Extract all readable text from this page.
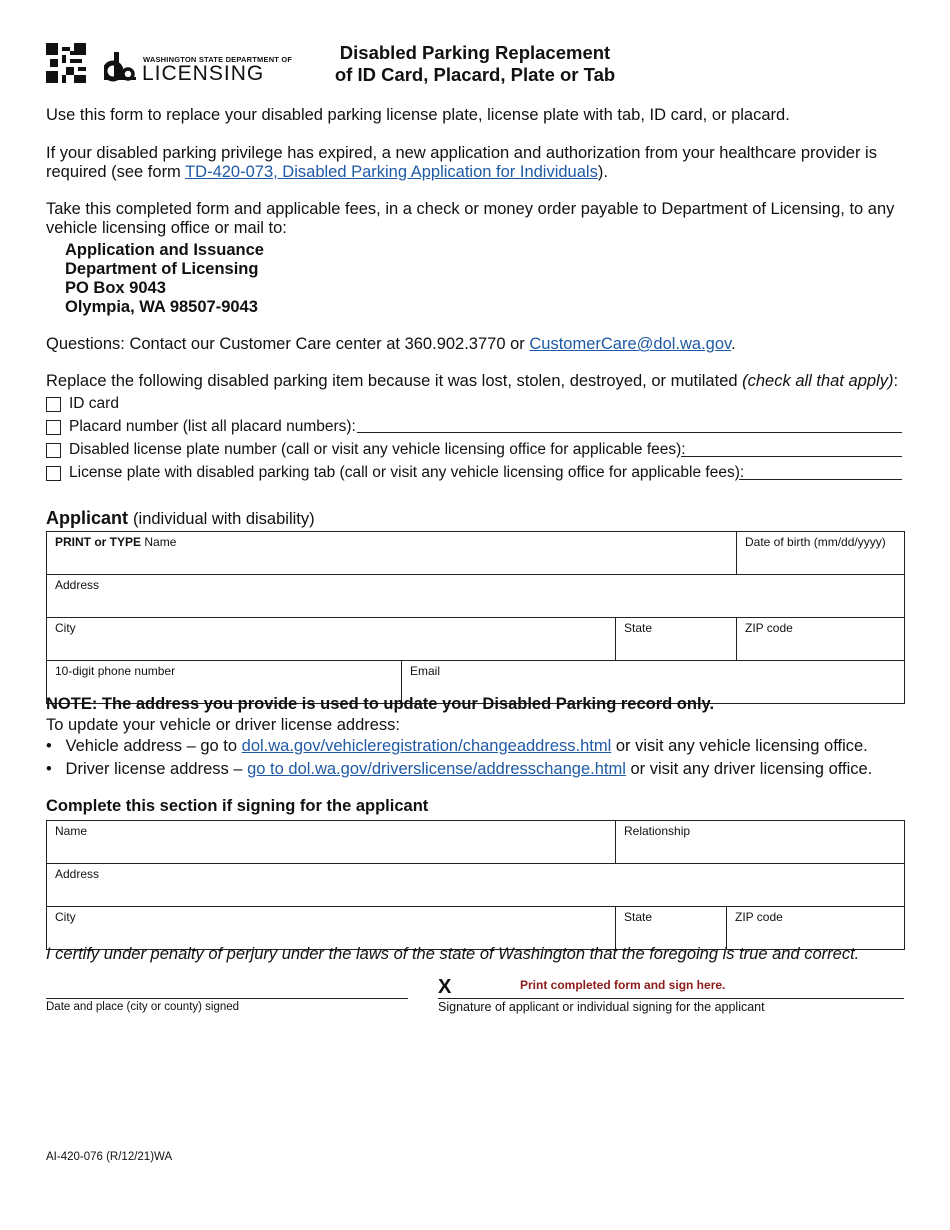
WASHINGTON STATE DEPARTMENT OF
LICENSING
Disabled Parking Replacement
of ID Card, Placard, Plate or Tab
Use this form to replace your disabled parking license plate, license plate with tab, ID card, or placard.
If your disabled parking privilege has expired, a new application and authorization from your healthcare provider is required (see form TD-420-073, Disabled Parking Application for Individuals).
Take this completed form and applicable fees, in a check or money order payable to Department of Licensing, to any vehicle licensing office or mail to:
Application and Issuance
Department of Licensing
PO Box 9043
Olympia, WA 98507-9043
Questions: Contact our Customer Care center at 360.902.3770 or CustomerCare@dol.wa.gov.
Replace the following disabled parking item because it was lost, stolen, destroyed, or mutilated (check all that apply):
ID card
Placard number (list all placard numbers):
Disabled license plate number (call or visit any vehicle licensing office for applicable fees):
License plate with disabled parking tab (call or visit any vehicle licensing office for applicable fees):
Applicant (individual with disability)
PRINT or TYPE Name			Date of birth (mm/dd/yyyy)
Address			
City		State	ZIP code
10-digit phone number	Email		
NOTE: The address you provide is used to update your Disabled Parking record only.
To update your vehicle or driver license address:
•   Vehicle address – go to dol.wa.gov/vehicleregistration/changeaddress.html or visit any vehicle licensing office.
•   Driver license address – go to dol.wa.gov/driverslicense/addresschange.html or visit any driver licensing office.
Complete this section if signing for the applicant
Name	Relationship	
Address		
City	State	ZIP code
I certify under penalty of perjury under the laws of the state of Washington that the foregoing is true and correct.
Date and place (city or county) signed
X	Print completed form and sign here.
Signature of applicant or individual signing for the applicant
AI-420-076 (R/12/21)WA
